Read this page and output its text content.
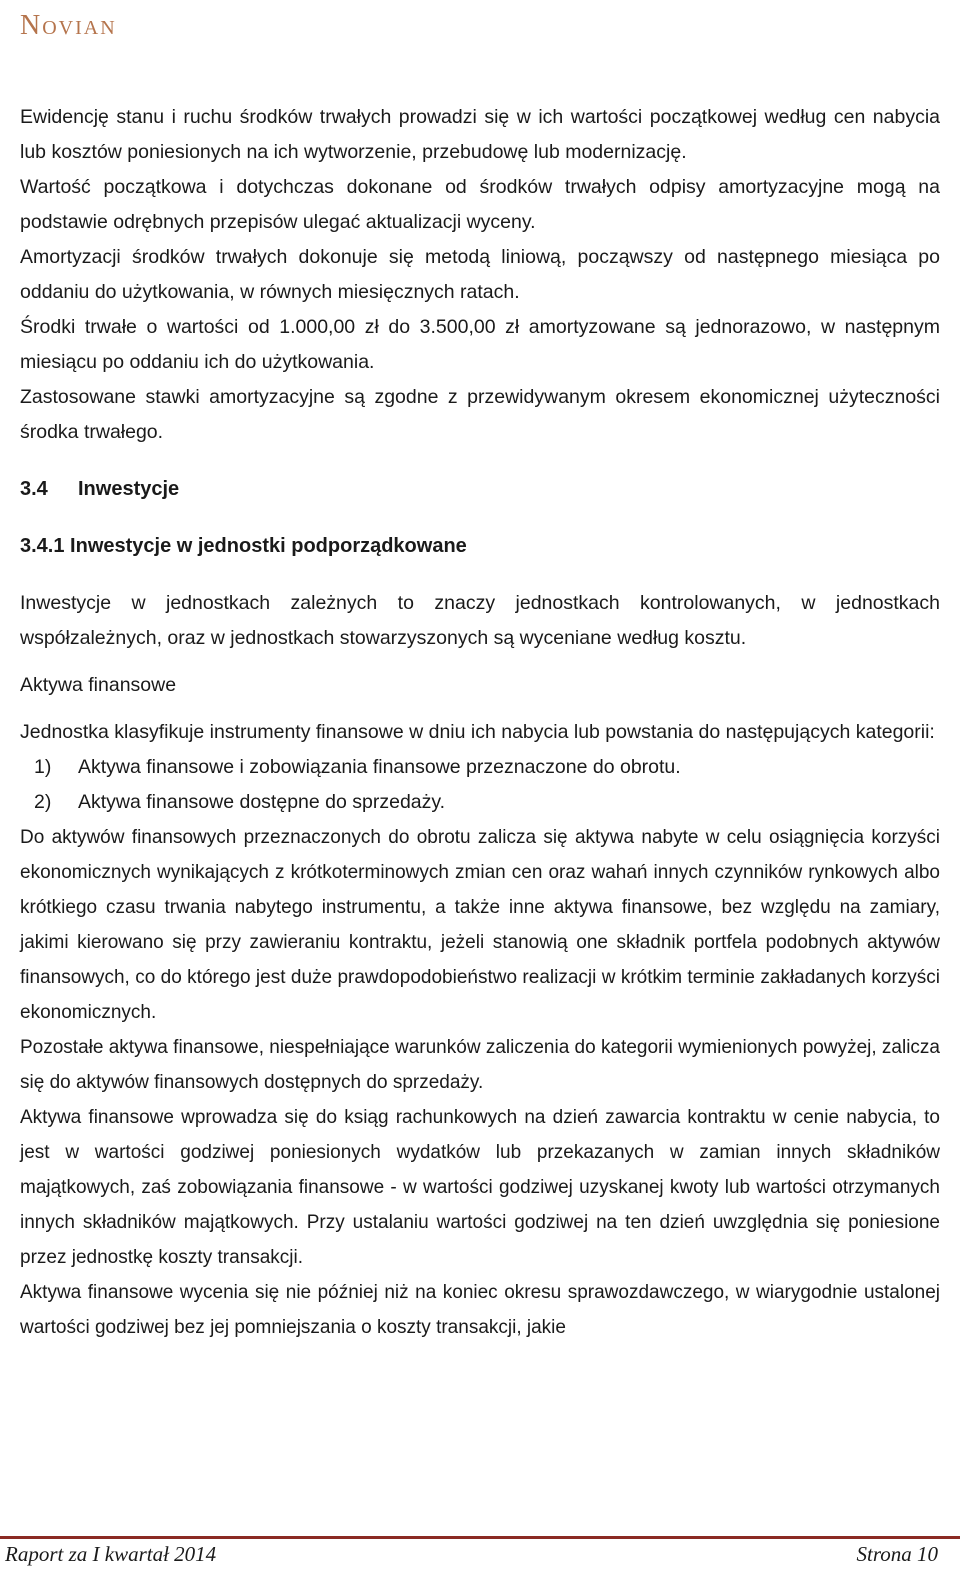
Novian

Ewidencję stanu i ruchu środków trwałych prowadzi się w ich wartości początkowej według cen nabycia lub kosztów poniesionych na ich wytworzenie, przebudowę lub modernizację.

Wartość początkowa i dotychczas dokonane od środków trwałych odpisy amortyzacyjne mogą na podstawie odrębnych przepisów ulegać aktualizacji wyceny.

Amortyzacji środków trwałych dokonuje się metodą liniową, począwszy od następnego miesiąca po oddaniu do użytkowania, w równych miesięcznych ratach.

Środki trwałe o wartości od 1.000,00 zł do 3.500,00 zł amortyzowane są jednorazowo, w następnym miesiącu po oddaniu ich do użytkowania.

Zastosowane stawki amortyzacyjne są zgodne z przewidywanym okresem ekonomicznej użyteczności środka trwałego.

3.4 Inwestycje
3.4.1 Inwestycje w jednostki podporządkowane

Inwestycje w jednostkach zależnych to znaczy jednostkach kontrolowanych, w jednostkach współzależnych, oraz w jednostkach stowarzyszonych są wyceniane według kosztu.

Aktywa finansowe

Jednostka klasyfikuje instrumenty finansowe w dniu ich nabycia lub powstania do następujących kategorii:

1) Aktywa finansowe i zobowiązania finansowe przeznaczone do obrotu.
2) Aktywa finansowe dostępne do sprzedaży.

Do aktywów finansowych przeznaczonych do obrotu zalicza się aktywa nabyte w celu osiągnięcia korzyści ekonomicznych wynikających z krótkoterminowych zmian cen oraz wahań innych czynników rynkowych albo krótkiego czasu trwania nabytego instrumentu, a także inne aktywa finansowe, bez względu na zamiary, jakimi kierowano się przy zawieraniu kontraktu, jeżeli stanowią one składnik portfela podobnych aktywów finansowych, co do którego jest duże prawdopodobieństwo realizacji w krótkim terminie zakładanych korzyści ekonomicznych.

Pozostałe aktywa finansowe, niespełniające warunków zaliczenia do kategorii wymienionych powyżej, zalicza się do aktywów finansowych dostępnych do sprzedaży.

Aktywa finansowe wprowadza się do ksiąg rachunkowych na dzień zawarcia kontraktu w cenie nabycia, to jest w wartości godziwej poniesionych wydatków lub przekazanych w zamian innych składników majątkowych, zaś zobowiązania finansowe - w wartości godziwej uzyskanej kwoty lub wartości otrzymanych innych składników majątkowych. Przy ustalaniu wartości godziwej na ten dzień uwzględnia się poniesione przez jednostkę koszty transakcji.

Aktywa finansowe wycenia się nie później niż na koniec okresu sprawozdawczego, w wiarygodnie ustalonej wartości godziwej bez jej pomniejszania o koszty transakcji, jakie

Raport za I kwartał 2014	Strona 10
